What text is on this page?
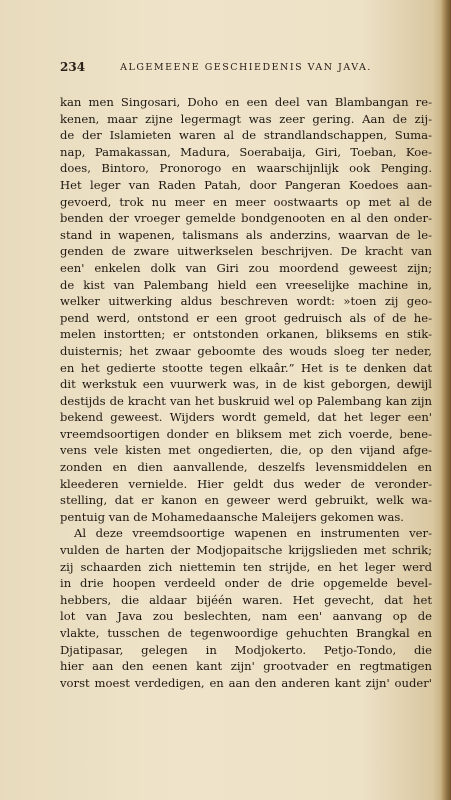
234	ALGEMEENE GESCHIEDENIS VAN JAVA.
kan men Singosari, Doho en een deel van Blambangan re-
kenen, maar zijne legermagt was zeer gering. Aan de zij-
de der Islamieten waren al de strandlandschappen, Suma-
nap, Pamakassan, Madura, Soerabaija, Giri, Toeban, Koe-
does, Bintoro, Pronorogo en waarschijnlijk ook Penging.
Het leger van Raden Patah, door Pangeran Koedoes aan-
gevoerd, trok nu meer en meer oostwaarts op met al de
benden der vroeger gemelde bondgenooten en al den onder-
stand in wapenen, talismans als anderzins, waarvan de le-
genden de zware uitwerkselen beschrijven. De kracht van
een' enkelen dolk van Giri zou moordend geweest zijn;
de kist van Palembang hield een vreeselijke machine in,
welker uitwerking aldus beschreven wordt: »toen zij geo-
pend werd, ontstond er een groot gedruisch als of de he-
melen instortten; er ontstonden orkanen, bliksems en stik-
duisternis; het zwaar geboomte des wouds sloeg ter neder,
en het gedierte stootte tegen elkaâr.” Het is te denken dat
dit werkstuk een vuurwerk was, in de kist geborgen, dewijl
destijds de kracht van het buskruid wel op Palembang kan zijn
bekend geweest. Wijders wordt gemeld, dat het leger een'
vreemdsoortigen donder en bliksem met zich voerde, bene-
vens vele kisten met ongedierten, die, op den vijand afge-
zonden en dien aanvallende, deszelfs levensmiddelen en
kleederen vernielde. Hier geldt dus weder de veronder-
stelling, dat er kanon en geweer werd gebruikt, welk wa-
pentuig van de Mohamedaansche Maleijers gekomen was.
Al deze vreemdsoortige wapenen en instrumenten ver-
vulden de harten der Modjopaitsche krijgslieden met schrik;
zij schaarden zich niettemin ten strijde, en het leger werd
in drie hoopen verdeeld onder de drie opgemelde bevel-
hebbers, die aldaar bijéén waren. Het gevecht, dat het
lot van Java zou beslechten, nam een' aanvang op de
vlakte, tusschen de tegenwoordige gehuchten Brangkal en
Djatipasar, gelegen in Modjokerto. Petjo-Tondo, die
hier aan den eenen kant zijn' grootvader en regtmatigen
vorst moest verdedigen, en aan den anderen kant zijn' ouder'
